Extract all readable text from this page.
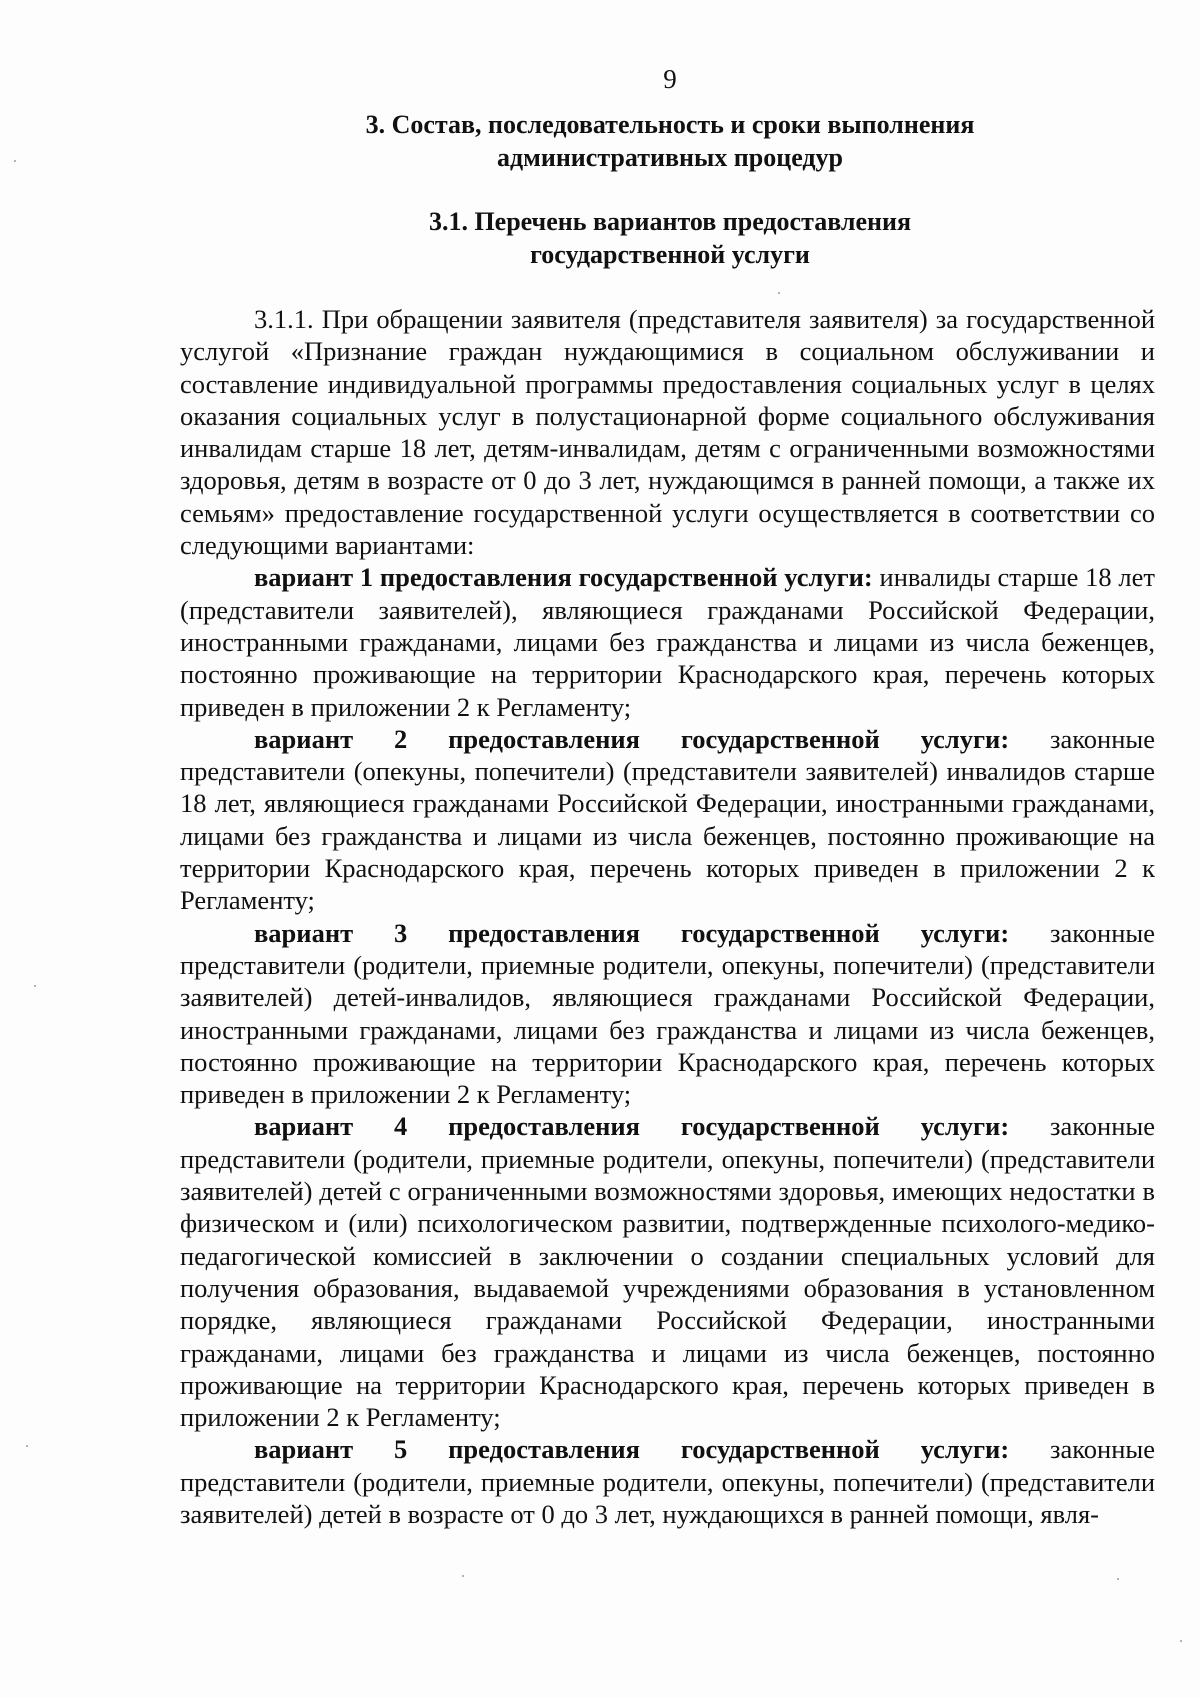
9
3. Состав, последовательность и сроки выполнения
административных процедур
3.1. Перечень вариантов предоставления
государственной услуги

3.1.1. При обращении заявителя (представителя заявителя) за государственной услугой «Признание граждан нуждающимися в социальном обслуживании и составление индивидуальной программы предоставления социальных услуг в целях оказания социальных услуг в полустационарной форме социального обслуживания инвалидам старше 18 лет, детям-инвалидам, детям с ограниченными возможностями здоровья, детям в возрасте от 0 до 3 лет, нуждающимся в ранней помощи, а также их семьям» предоставление государственной услуги осуществляется в соответствии со следующими вариантами:

вариант 1 предоставления государственной услуги: инвалиды старше 18 лет (представители заявителей), являющиеся гражданами Российской Федерации, иностранными гражданами, лицами без гражданства и лицами из числа беженцев, постоянно проживающие на территории Краснодарского края, перечень которых приведен в приложении 2 к Регламенту;

вариант 2 предоставления государственной услуги: законные представители (опекуны, попечители) (представители заявителей) инвалидов старше 18 лет, являющиеся гражданами Российской Федерации, иностранными гражданами, лицами без гражданства и лицами из числа беженцев, постоянно проживающие на территории Краснодарского края, перечень которых приведен в приложении 2 к Регламенту;

вариант 3 предоставления государственной услуги: законные представители (родители, приемные родители, опекуны, попечители) (представители заявителей) детей-инвалидов, являющиеся гражданами Российской Федерации, иностранными гражданами, лицами без гражданства и лицами из числа беженцев, постоянно проживающие на территории Краснодарского края, перечень которых приведен в приложении 2 к Регламенту;

вариант 4 предоставления государственной услуги: законные представители (родители, приемные родители, опекуны, попечители) (представители заявителей) детей с ограниченными возможностями здоровья, имеющих недостатки в физическом и (или) психологическом развитии, подтвержденные психолого-медико-педагогической комиссией в заключении о создании специальных условий для получения образования, выдаваемой учреждениями образования в установленном порядке, являющиеся гражданами Российской Федерации, иностранными гражданами, лицами без гражданства и лицами из числа беженцев, постоянно проживающие на территории Краснодарского края, перечень которых приведен в приложении 2 к Регламенту;

вариант 5 предоставления государственной услуги: законные представители (родители, приемные родители, опекуны, попечители) (представители заявителей) детей в возрасте от 0 до 3 лет, нуждающихся в ранней помощи, явля-
